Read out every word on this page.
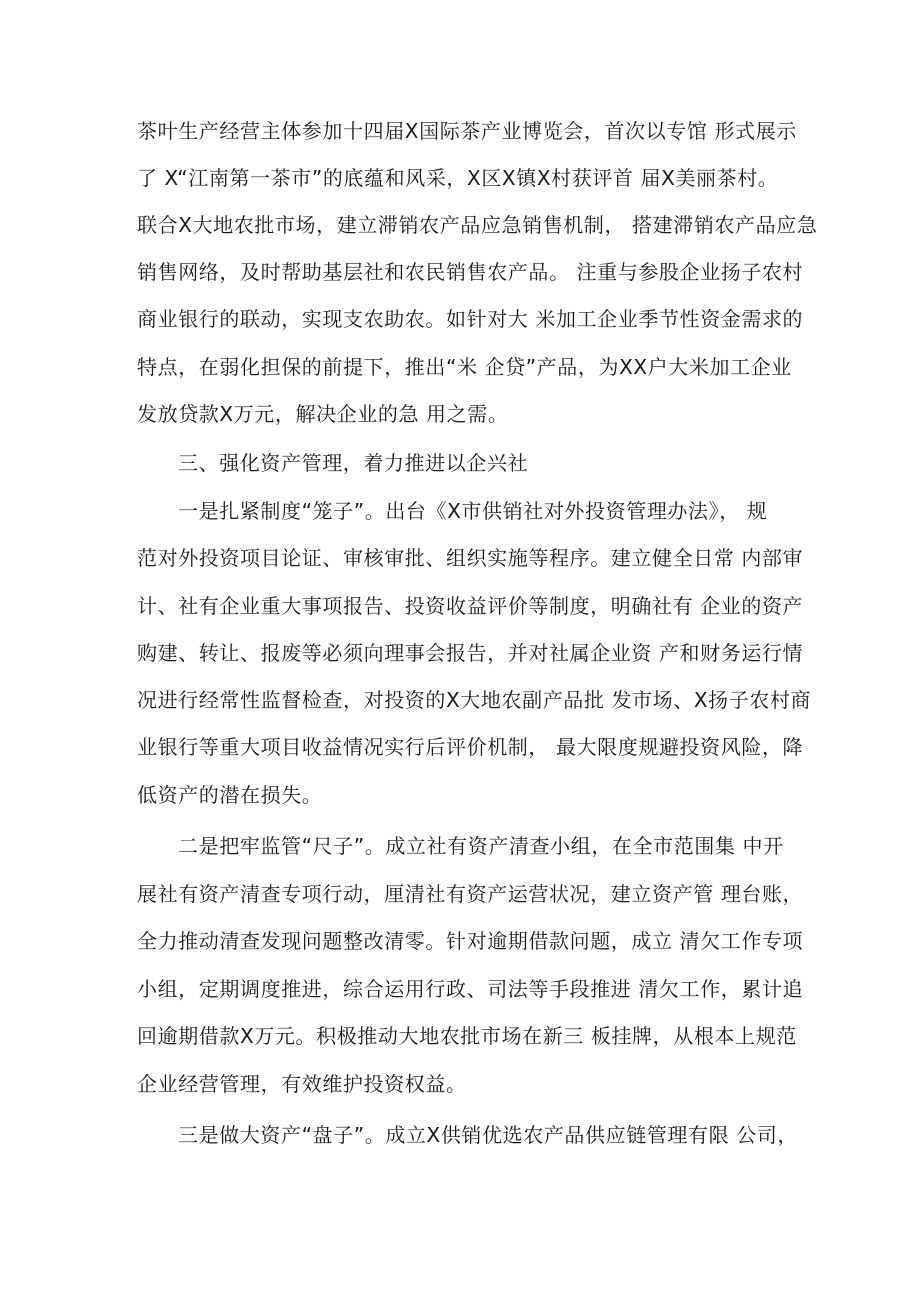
茶叶生产经营主体参加十四届X国际茶产业博览会，首次以专馆 形式展示
了 X“江南第一茶市”的底蕴和风采，X区X镇X村获评首 届X美丽茶村。
联合X大地农批市场，建立滞销农产品应急销售机制， 搭建滞销农产品应急
销售网络，及时帮助基层社和农民销售农产品。 注重与参股企业扬子农村
商业银行的联动，实现支农助农。如针对大 米加工企业季节性资金需求的
特点，在弱化担保的前提下，推出“米 企贷”产品，为XX户大米加工企业
发放贷款X万元，解决企业的急 用之需。
三、强化资产管理，着力推进以企兴社
一是扎紧制度“笼子”。出台《X市供销社对外投资管理办法》， 规
范对外投资项目论证、审核审批、组织实施等程序。建立健全日常 内部审
计、社有企业重大事项报告、投资收益评价等制度，明确社有 企业的资产
购建、转让、报废等必须向理事会报告，并对社属企业资 产和财务运行情
况进行经常性监督检查，对投资的X大地农副产品批 发市场、X扬子农村商
业银行等重大项目收益情况实行后评价机制， 最大限度规避投资风险，降
低资产的潜在损失。
二是把牢监管“尺子”。成立社有资产清查小组，在全市范围集 中开
展社有资产清查专项行动，厘清社有资产运营状况，建立资产管 理台账，
全力推动清查发现问题整改清零。针对逾期借款问题，成立 清欠工作专项
小组，定期调度推进，综合运用行政、司法等手段推进 清欠工作，累计追
回逾期借款X万元。积极推动大地农批市场在新三 板挂牌，从根本上规范
企业经营管理，有效维护投资权益。
三是做大资产“盘子”。成立X供销优选农产品供应链管理有限 公司，
